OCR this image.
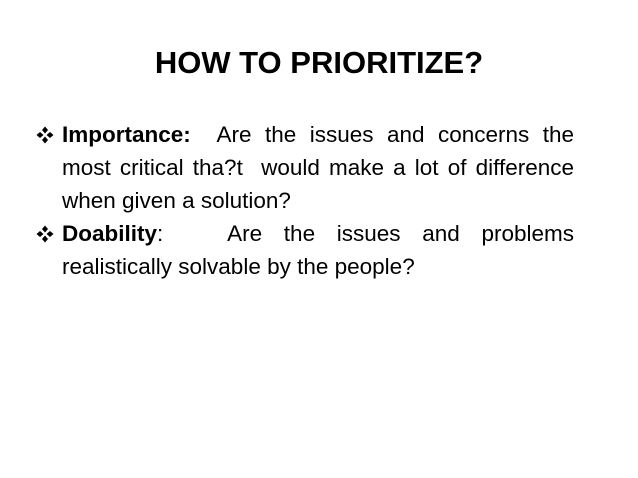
HOW TO PRIORITIZE?
Importance:  Are the issues and concerns the most critical tha?t  would make a lot of difference when given a solution?
Doability:   Are the issues and problems realistically solvable by the people?
